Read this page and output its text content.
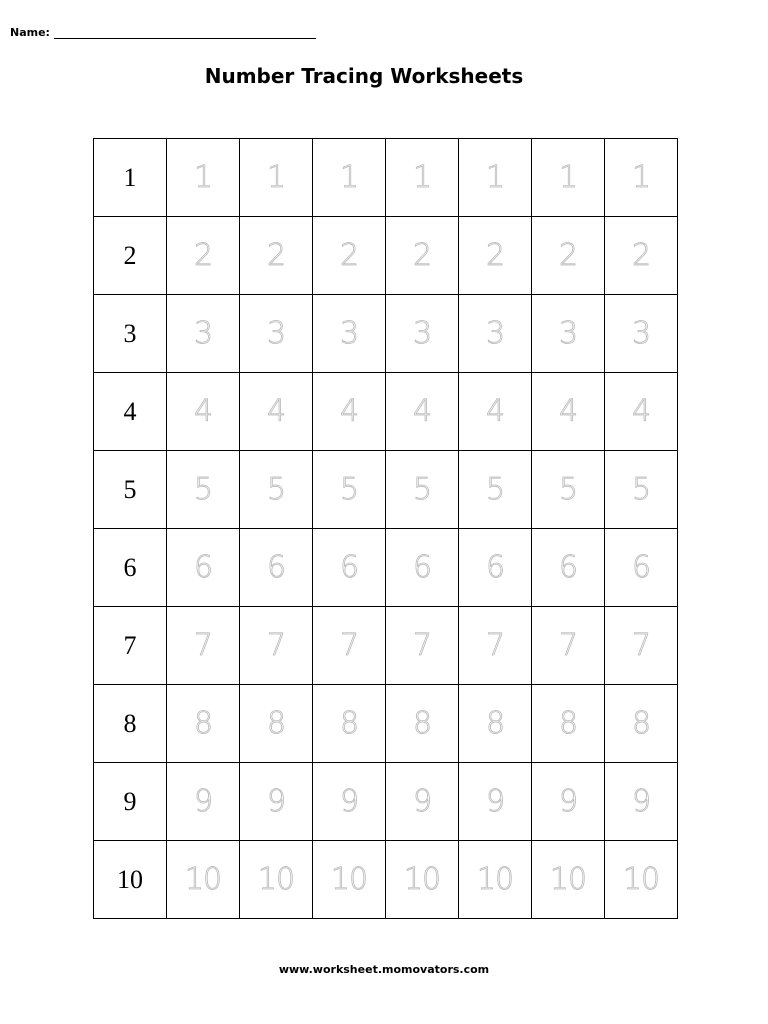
Name:
Number Tracing Worksheets
1	1	1	1	1	1	1	1
2	2	2	2	2	2	2	2
3	3	3	3	3	3	3	3
4	4	4	4	4	4	4	4
5	5	5	5	5	5	5	5
6	6	6	6	6	6	6	6
7	7	7	7	7	7	7	7
8	8	8	8	8	8	8	8
9	9	9	9	9	9	9	9
10	10	10	10	10	10	10	10
www.worksheet.momovators.com
